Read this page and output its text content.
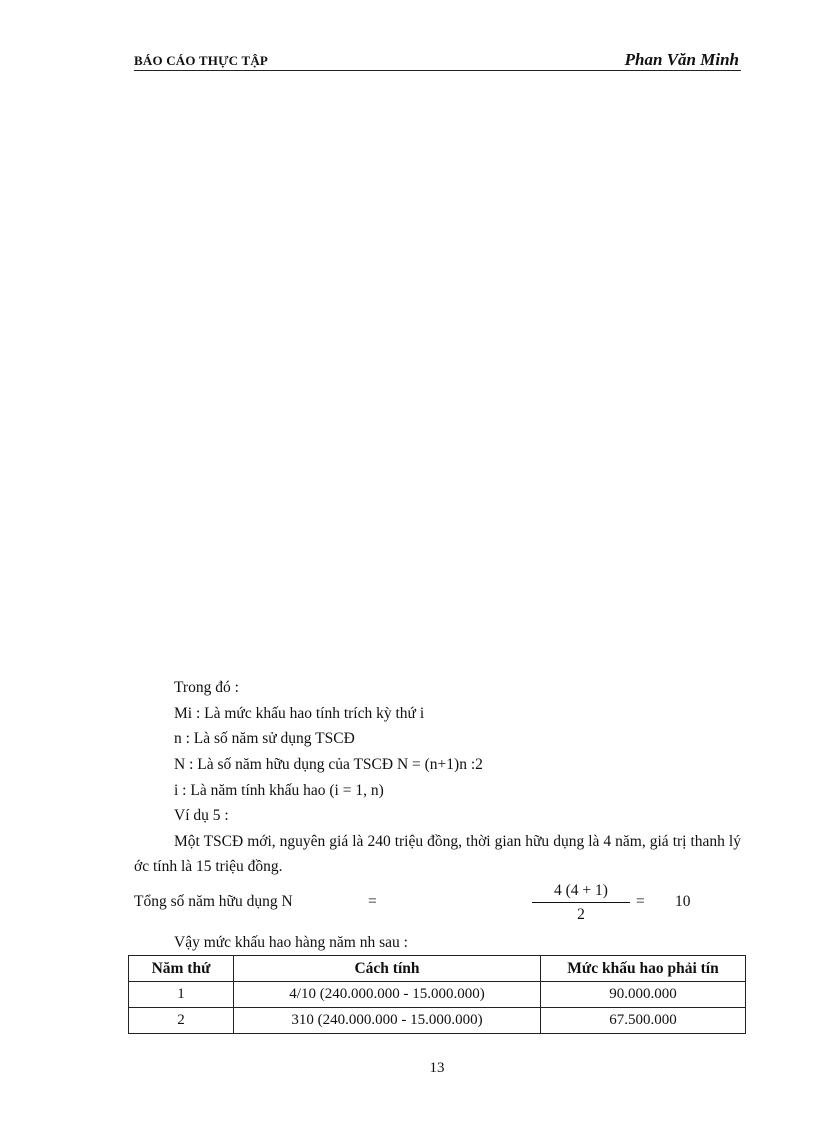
BÁO CÁO THỰC TẬP	Phan Văn Minh
Trong đó :
Mi : Là mức khấu hao tính trích kỳ thứ i
n : Là số năm sử dụng TSCĐ
N : Là số năm hữu dụng của TSCĐ N = (n+1)n :2
i : Là năm tính khấu hao (i = 1, n)
Ví dụ 5 :
Một TSCĐ mới, nguyên giá là 240 triệu đồng, thời gian hữu dụng là 4 năm, giá trị thanh lý ớc tính là 15 triệu đồng.
Tổng số năm hữu dụng N	=
4 (4 + 1)
2
= 10
Vậy mức khấu hao hàng năm nh sau :
Năm thứ	Cách tính	Mức khấu hao phải tín
1	4/10 (240.000.000 - 15.000.000)	90.000.000
2	310 (240.000.000 - 15.000.000)	67.500.000
13
